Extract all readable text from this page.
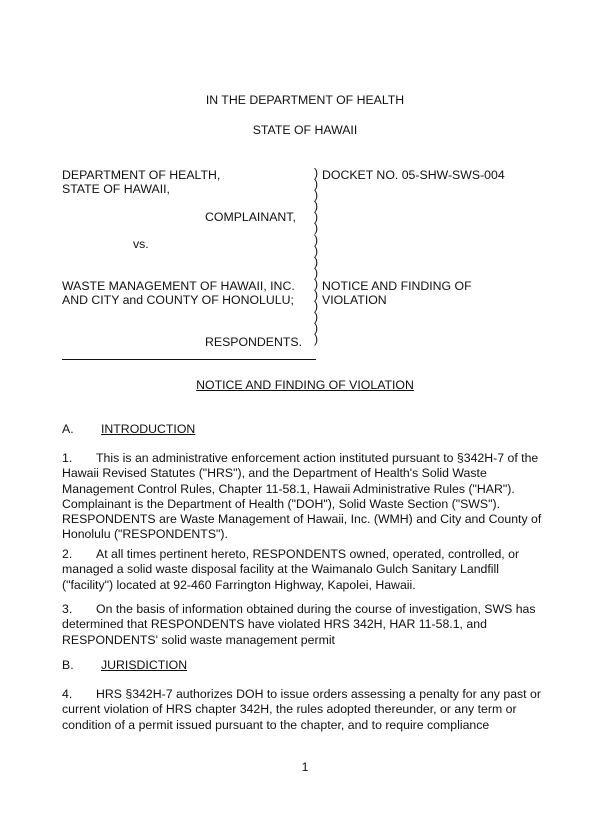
IN THE DEPARTMENT OF HEALTH
STATE OF HAWAII
DEPARTMENT OF HEALTH,
STATE OF HAWAII,
COMPLAINANT,
vs.
WASTE MANAGEMENT OF HAWAII, INC.
AND CITY and COUNTY OF HONOLULU;
RESPONDENTS.
)
)
)
)
)
)
)
)
)
)
)
)
)
)
)
)
DOCKET NO. 05-SHW-SWS-004
NOTICE AND FINDING OF
VIOLATION
NOTICE AND FINDING OF VIOLATION
A. INTRODUCTION
1. This is an administrative enforcement action instituted pursuant to §342H-7 of the Hawaii Revised Statutes ("HRS"), and the Department of Health's Solid Waste Management Control Rules, Chapter 11-58.1, Hawaii Administrative Rules ("HAR"). Complainant is the Department of Health ("DOH"), Solid Waste Section ("SWS"). RESPONDENTS are Waste Management of Hawaii, Inc. (WMH) and City and County of Honolulu ("RESPONDENTS").
2. At all times pertinent hereto, RESPONDENTS owned, operated, controlled, or managed a solid waste disposal facility at the Waimanalo Gulch Sanitary Landfill ("facility") located at 92-460 Farrington Highway, Kapolei, Hawaii.
3. On the basis of information obtained during the course of investigation, SWS has determined that RESPONDENTS have violated HRS 342H, HAR 11-58.1, and RESPONDENTS' solid waste management permit
B. JURISDICTION
4. HRS §342H-7 authorizes DOH to issue orders assessing a penalty for any past or current violation of HRS chapter 342H, the rules adopted thereunder, or any term or condition of a permit issued pursuant to the chapter, and to require compliance
1
